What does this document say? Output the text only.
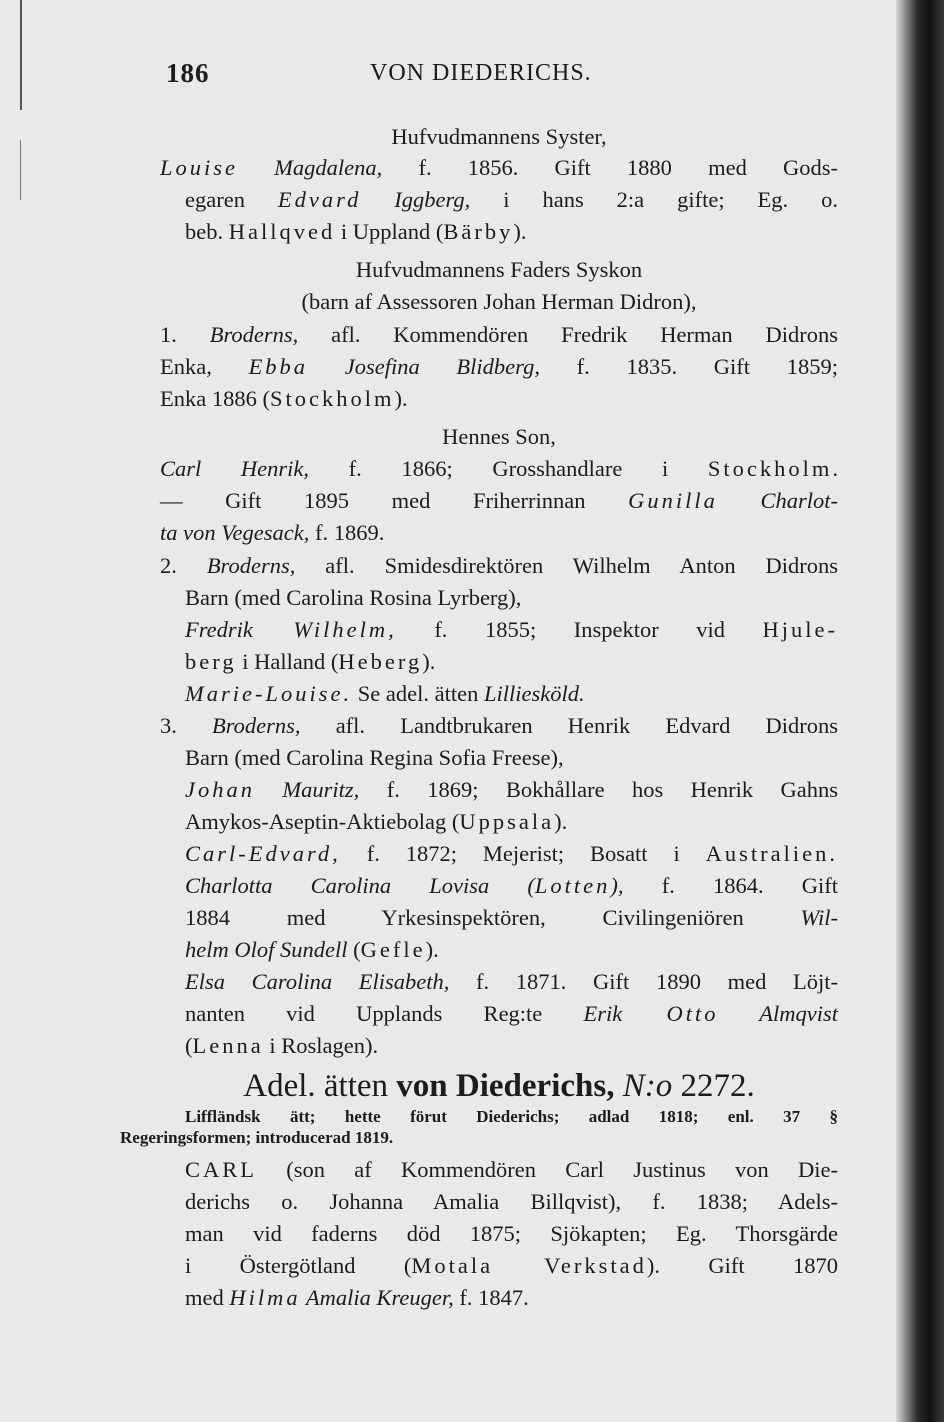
186	VON DIEDERICHS.
Hufvudmannens Syster,
Louise Magdalena, f. 1856. Gift 1880 med Gods-
egaren Edvard Iggberg, i hans 2:a gifte; Eg. o.
beb. Hallqved i Uppland (Bärby).
Hufvudmannens Faders Syskon
(barn af Assessoren Johan Herman Didron),
1. Broderns, afl. Kommendören Fredrik Herman Didrons
Enka, Ebba Josefina Blidberg, f. 1835. Gift 1859;
Enka 1886 (Stockholm).
Hennes Son,
Carl Henrik, f. 1866; Grosshandlare i Stockholm.
— Gift 1895 med Friherrinnan Gunilla Charlot-
ta von Vegesack, f. 1869.
2. Broderns, afl. Smidesdirektören Wilhelm Anton Didrons
Barn (med Carolina Rosina Lyrberg),
Fredrik Wilhelm, f. 1855; Inspektor vid Hjule-
berg i Halland (Heberg).
Marie-Louise. Se adel. ätten Lilliesköld.
3. Broderns, afl. Landtbrukaren Henrik Edvard Didrons
Barn (med Carolina Regina Sofia Freese),
Johan Mauritz, f. 1869; Bokhållare hos Henrik Gahns
Amykos-Aseptin-Aktiebolag (Uppsala).
Carl-Edvard, f. 1872; Mejerist; Bosatt i Australien.
Charlotta Carolina Lovisa (Lotten), f. 1864. Gift
1884 med Yrkesinspektören, Civilingeniören Wil-
helm Olof Sundell (Gefle).
Elsa Carolina Elisabeth, f. 1871. Gift 1890 med Löjt-
nanten vid Upplands Reg:te Erik Otto Almqvist
(Lenna i Roslagen).
Adel. ätten von Diederichs, N:o 2272.
Liffländsk ätt; hette förut Diederichs; adlad 1818; enl. 37 §
Regeringsformen; introducerad 1819.
CARL (son af Kommendören Carl Justinus von Die-
derichs o. Johanna Amalia Billqvist), f. 1838; Adels-
man vid faderns död 1875; Sjökapten; Eg. Thorsgärde
i Östergötland (Motala Verkstad). Gift 1870
med Hilma Amalia Kreuger, f. 1847.
